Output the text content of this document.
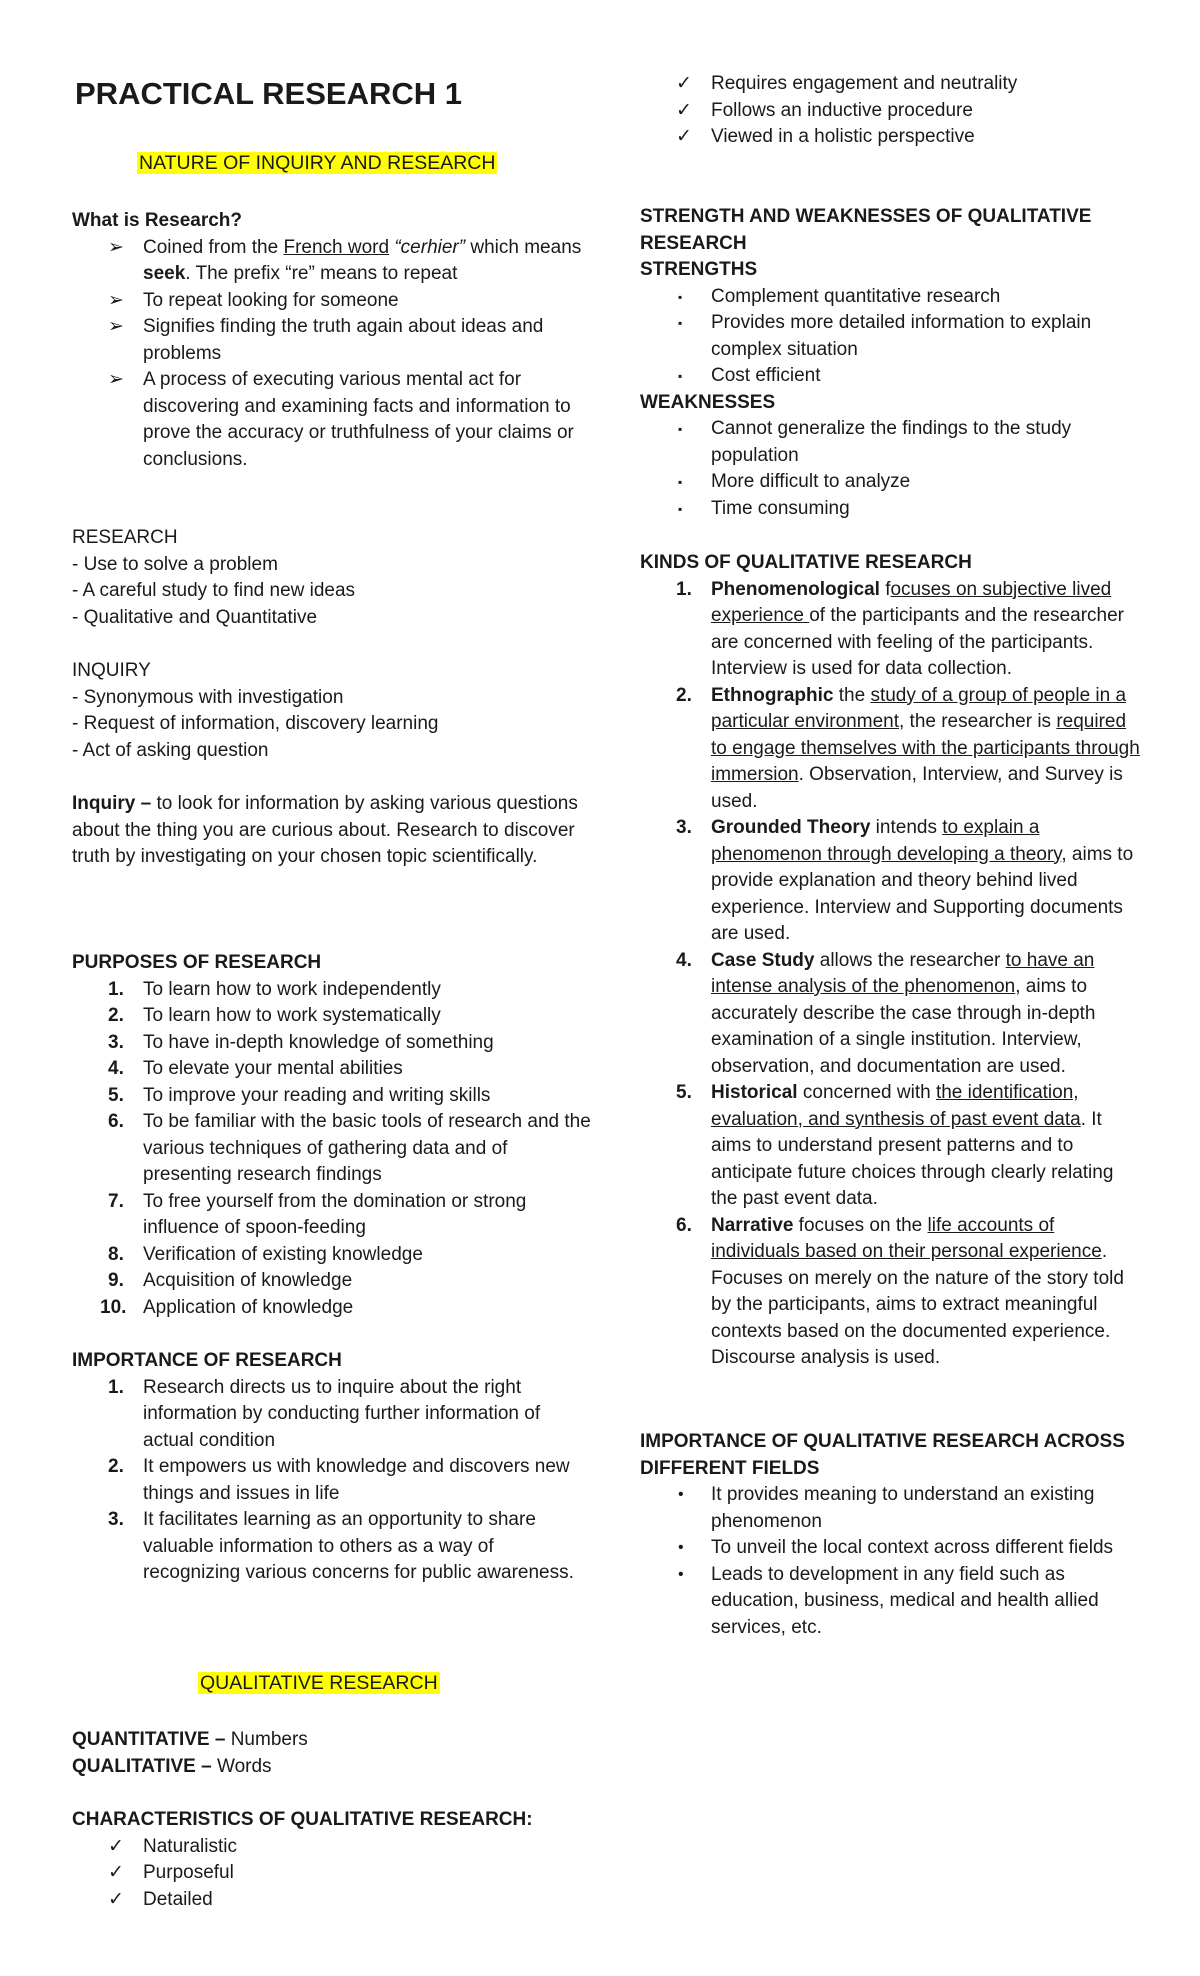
PRACTICAL RESEARCH 1
NATURE OF INQUIRY AND RESEARCH
What is Research?
➢ Coined from the French word “cerhier” which means seek. The prefix “re” means to repeat
➢ To repeat looking for someone
➢ Signifies finding the truth again about ideas and problems
➢ A process of executing various mental act for discovering and examining facts and information to prove the accuracy or truthfulness of your claims or conclusions.

RESEARCH

- Use to solve a problem

- A careful study to find new ideas

- Qualitative and Quantitative

INQUIRY

- Synonymous with investigation

- Request of information, discovery learning

- Act of asking question

Inquiry – to look for information by asking various questions about the thing you are curious about. Research to discover truth by investigating on your chosen topic scientifically.
PURPOSES OF RESEARCH
1. To learn how to work independently
2. To learn how to work systematically
3. To have in-depth knowledge of something
4. To elevate your mental abilities
5. To improve your reading and writing skills
6. To be familiar with the basic tools of research and the various techniques of gathering data and of presenting research findings
7. To free yourself from the domination or strong influence of spoon-feeding
8. Verification of existing knowledge
9. Acquisition of knowledge
10. Application of knowledge
IMPORTANCE OF RESEARCH
1. Research directs us to inquire about the right information by conducting further information of actual condition
2. It empowers us with knowledge and discovers new things and issues in life
3. It facilitates learning as an opportunity to share valuable information to others as a way of recognizing various concerns for public awareness.
QUALITATIVE RESEARCH
QUANTITATIVE – Numbers
QUALITATIVE – Words
CHARACTERISTICS OF QUALITATIVE RESEARCH:
✓ Naturalistic
✓ Purposeful
✓ Detailed
✓ Requires engagement and neutrality
✓ Follows an inductive procedure
✓ Viewed in a holistic perspective
STRENGTH AND WEAKNESSES OF QUALITATIVE RESEARCH
STRENGTHS
▪ Complement quantitative research
▪ Provides more detailed information to explain complex situation
▪ Cost efficient
WEAKNESSES
▪ Cannot generalize the findings to the study population
▪ More difficult to analyze
▪ Time consuming
KINDS OF QUALITATIVE RESEARCH
1. Phenomenological focuses on subjective lived experience of the participants and the researcher are concerned with feeling of the participants. Interview is used for data collection.
2. Ethnographic the study of a group of people in a particular environment, the researcher is required to engage themselves with the participants through immersion. Observation, Interview, and Survey is used.
3. Grounded Theory intends to explain a phenomenon through developing a theory, aims to provide explanation and theory behind lived experience. Interview and Supporting documents are used.
4. Case Study allows the researcher to have an intense analysis of the phenomenon, aims to accurately describe the case through in-depth examination of a single institution. Interview, observation, and documentation are used.
5. Historical concerned with the identification, evaluation, and synthesis of past event data. It aims to understand present patterns and to anticipate future choices through clearly relating the past event data.
6. Narrative focuses on the life accounts of individuals based on their personal experience. Focuses on merely on the nature of the story told by the participants, aims to extract meaningful contexts based on the documented experience. Discourse analysis is used.
IMPORTANCE OF QUALITATIVE RESEARCH ACROSS DIFFERENT FIELDS
• It provides meaning to understand an existing phenomenon
• To unveil the local context across different fields
• Leads to development in any field such as education, business, medical and health allied services, etc.
